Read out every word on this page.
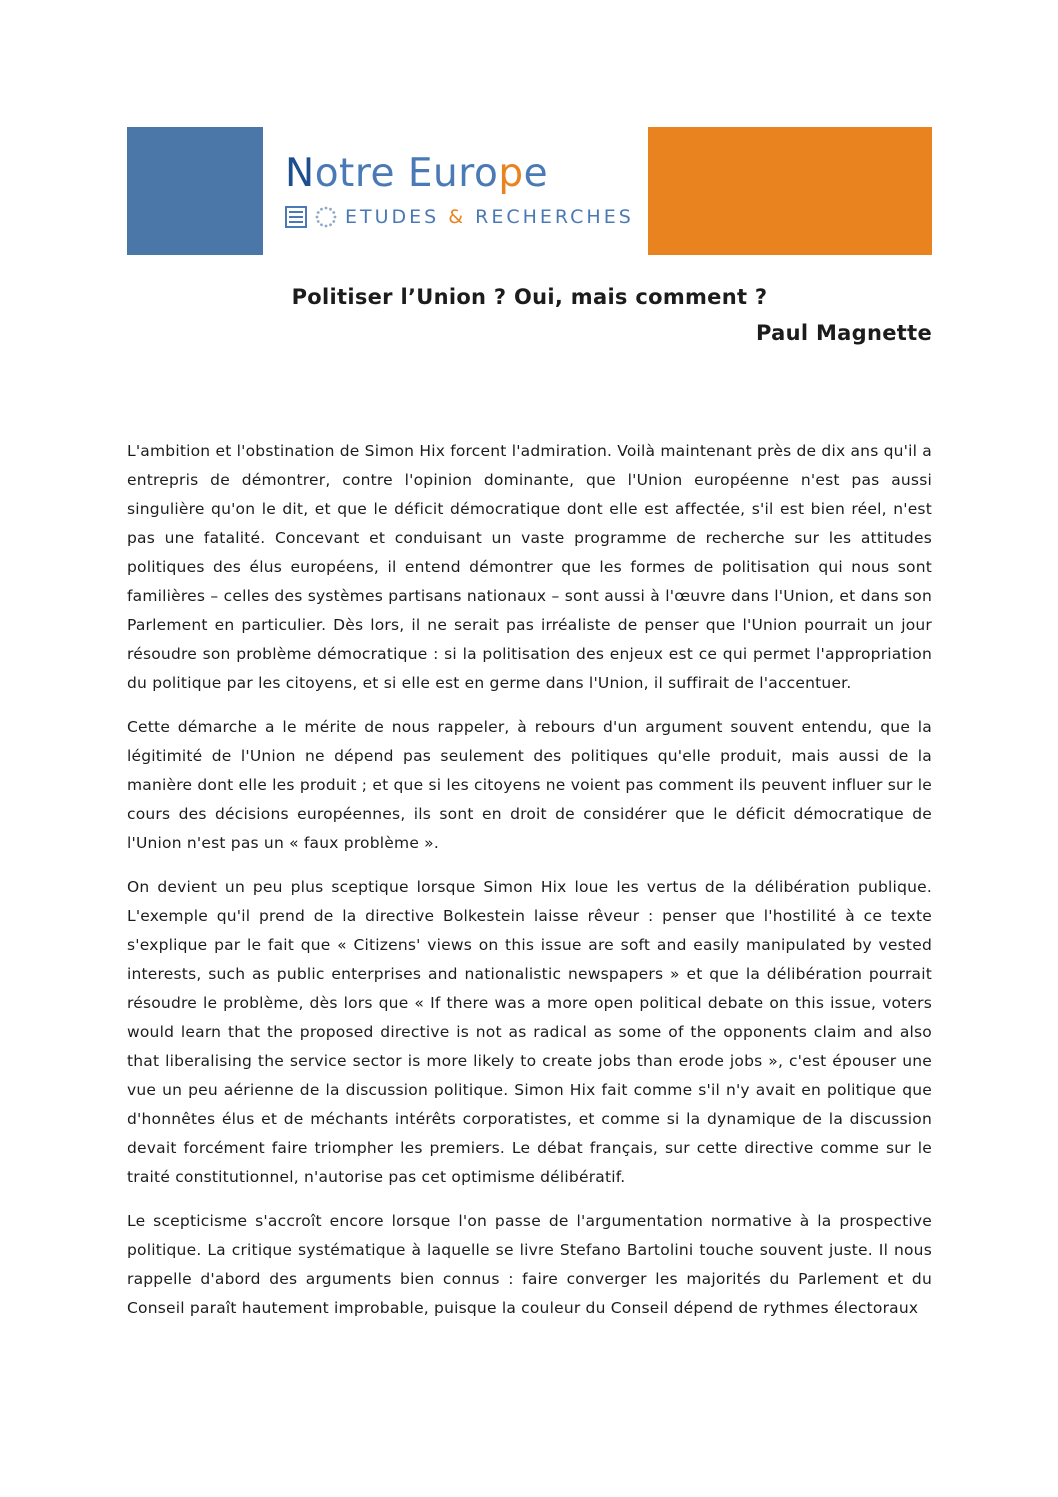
Notre Europe
ETUDES & RECHERCHES
Politiser l’Union ? Oui, mais comment ?
Paul Magnette

L'ambition et l'obstination de Simon Hix forcent l'admiration. Voilà maintenant près de dix ans qu'il a entrepris de démontrer, contre l'opinion dominante, que l'Union européenne n'est pas aussi singulière qu'on le dit, et que le déficit démocratique dont elle est affectée, s'il est bien réel, n'est pas une fatalité. Concevant et conduisant un vaste programme de recherche sur les attitudes politiques des élus européens, il entend démontrer que les formes de politisation qui nous sont familières – celles des systèmes partisans nationaux – sont aussi à l'œuvre dans l'Union, et dans son Parlement en particulier. Dès lors, il ne serait pas irréaliste de penser que l'Union pourrait un jour résoudre son problème démocratique : si la politisation des enjeux est ce qui permet l'appropriation du politique par les citoyens, et si elle est en germe dans l'Union, il suffirait de l'accentuer.

Cette démarche a le mérite de nous rappeler, à rebours d'un argument souvent entendu, que la légitimité de l'Union ne dépend pas seulement des politiques qu'elle produit, mais aussi de la manière dont elle les produit ; et que si les citoyens ne voient pas comment ils peuvent influer sur le cours des décisions européennes, ils sont en droit de considérer que le déficit démocratique de l'Union n'est pas un « faux problème ».

On devient un peu plus sceptique lorsque Simon Hix loue les vertus de la délibération publique. L'exemple qu'il prend de la directive Bolkestein laisse rêveur : penser que l'hostilité à ce texte s'explique par le fait que « Citizens' views on this issue are soft and easily manipulated by vested interests, such as public enterprises and nationalistic newspapers » et que la délibération pourrait résoudre le problème, dès lors que « If there was a more open political debate on this issue, voters would learn that the proposed directive is not as radical as some of the opponents claim and also that liberalising the service sector is more likely to create jobs than erode jobs », c'est épouser une vue un peu aérienne de la discussion politique. Simon Hix fait comme s'il n'y avait en politique que d'honnêtes élus et de méchants intérêts corporatistes, et comme si la dynamique de la discussion devait forcément faire triompher les premiers. Le débat français, sur cette directive comme sur le traité constitutionnel, n'autorise pas cet optimisme délibératif.

Le scepticisme s'accroît encore lorsque l'on passe de l'argumentation normative à la prospective politique. La critique systématique à laquelle se livre Stefano Bartolini touche souvent juste. Il nous rappelle d'abord des arguments bien connus : faire converger les majorités du Parlement et du Conseil paraît hautement improbable, puisque la couleur du Conseil dépend de rythmes électoraux
